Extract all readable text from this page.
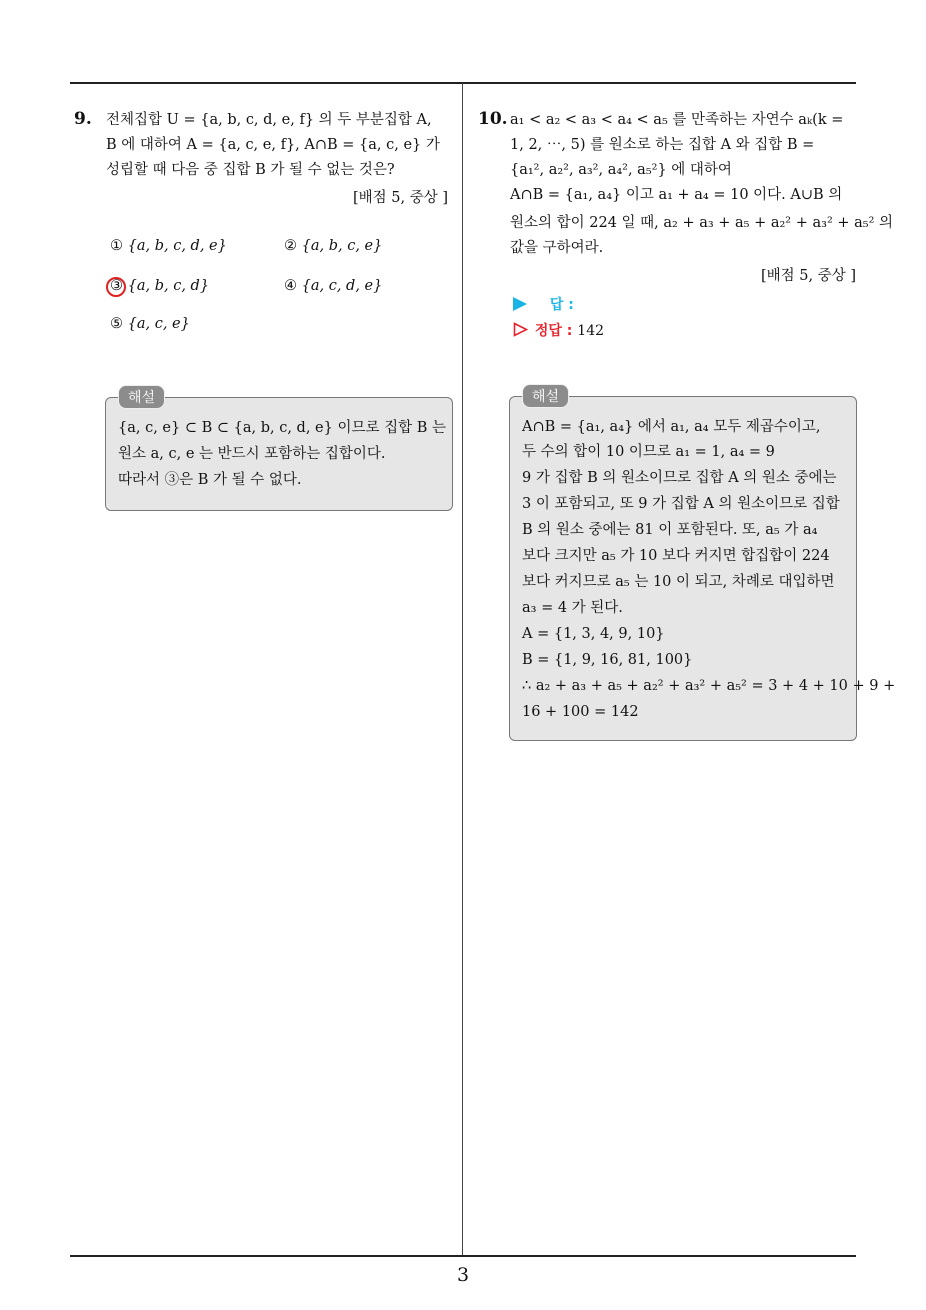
9. 전체집합 U = {a, b, c, d, e, f} 의 두 부분집합 A,
B 에 대하여 A = {a, c, e, f}, A∩B = {a, c, e} 가
성립할 때 다음 중 집합 B 가 될 수 없는 것은?
[배점 5, 중상 ]
① {a, b, c, d, e}	② {a, b, c, e}
③ {a, b, c, d}	④ {a, c, d, e}
⑤ {a, c, e}
{a, c, e} ⊂ B ⊂ {a, b, c, d, e} 이므로 집합 B 는
원소 a, c, e 는 반드시 포함하는 집합이다.
따라서 ③은 B 가 될 수 없다.
해설
10. a₁ < a₂ < a₃ < a₄ < a₅ 를 만족하는 자연수 aₖ(k =
1, 2, ⋯, 5) 를 원소로 하는 집합 A 와 집합 B =
{a₁², a₂², a₃², a₄², a₅²} 에 대하여
A∩B = {a₁, a₄} 이고 a₁ + a₄ = 10 이다. A∪B 의
원소의 합이 224 일 때, a₂ + a₃ + a₅ + a₂² + a₃² + a₅² 의
값을 구하여라.
[배점 5, 중상 ]
답 :
정답 : 142
A∩B = {a₁, a₄} 에서 a₁, a₄ 모두 제곱수이고,
두 수의 합이 10 이므로 a₁ = 1, a₄ = 9
9 가 집합 B 의 원소이므로 집합 A 의 원소 중에는
3 이 포함되고, 또 9 가 집합 A 의 원소이므로 집합
B 의 원소 중에는 81 이 포함된다. 또, a₅ 가 a₄
보다 크지만 a₅ 가 10 보다 커지면 합집합이 224
보다 커지므로 a₅ 는 10 이 되고, 차례로 대입하면
a₃ = 4 가 된다.
A = {1, 3, 4, 9, 10}
B = {1, 9, 16, 81, 100}
∴ a₂ + a₃ + a₅ + a₂² + a₃² + a₅² = 3 + 4 + 10 + 9 +
16 + 100 = 142
해설
3
